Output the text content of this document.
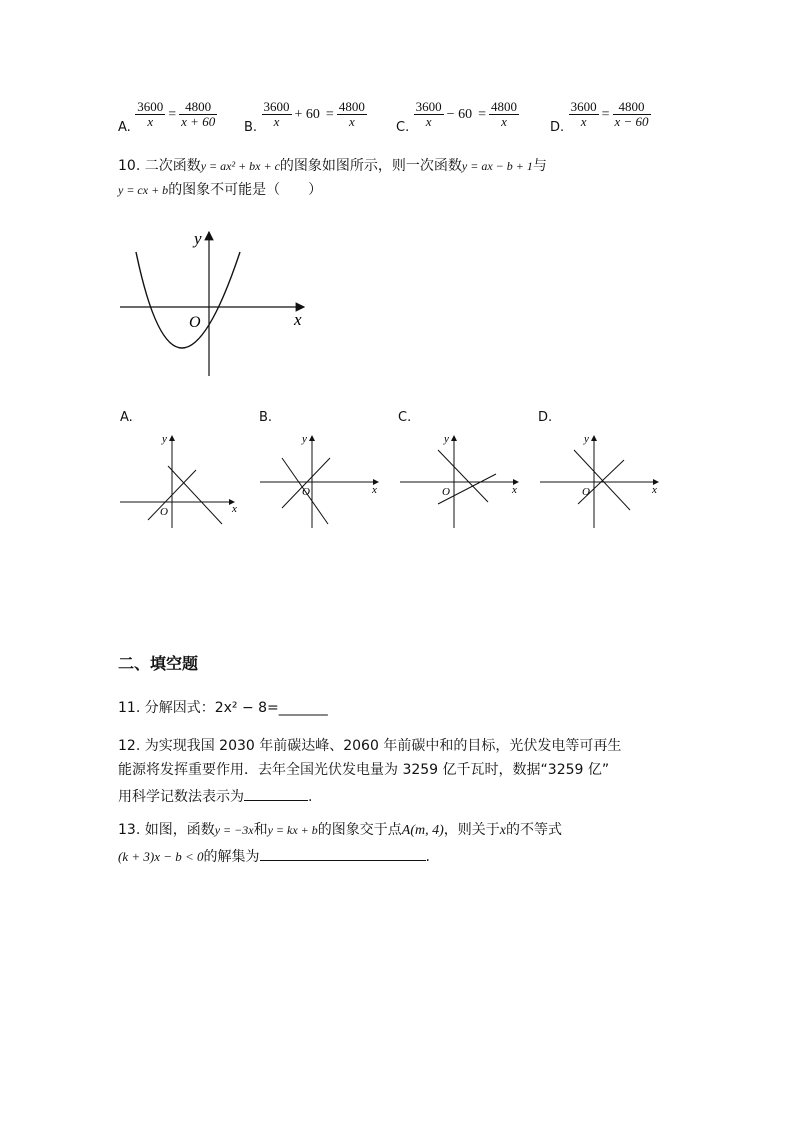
A. $\frac{3600}{x} = \frac{4800}{x + 60} B$. $\frac{3600}{x} + 60 = \frac{4800}{x} C$. $\frac{3600}{x} - 60 = \frac{4800}{x} D$. $\frac{3600}{x} = \frac{4800}{x - 60}$
10. 二次函数y = ax² + bx + c的图象如图所示，则一次函数y = ax − b + 1与
y = cx + b的图象不可能是（　　）
y
x
O
A.
y
x
O
B.
y
x
O
C.
y
x
O
D.
y
x
O
二、填空题
11. 分解因式：2x² − 8=_______
12. 为实现我国 2030 年前碳达峰、2060 年前碳中和的目标，光伏发电等可再生
能源将发挥重要作用．去年全国光伏发电量为 3259 亿千瓦时，数据“3259 亿”
用科学记数法表示为	.
13. 如图，函数y = −3x和y = kx + b的图象交于点A(m, 4)，则关于x的不等式
(k + 3)x − b < 0的解集为	.
